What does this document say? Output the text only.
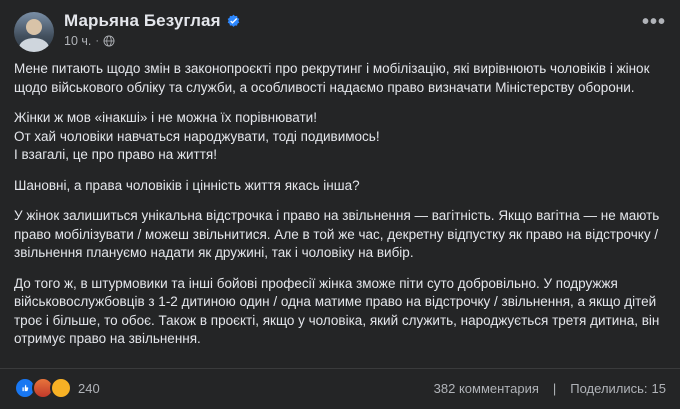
Марьяна Безуглая
10 ч. ·
•••

Мене питають щодо змін в законопроєкті про рекрутинг і мобілізацію, які вирівнюють чоловіків і жінок щодо військового обліку та служби, а особливості надаємо право визначати Міністерству оборони.

Жінки ж мов «інакші» і не можна їх порівнювати!

От хай чоловіки навчаться народжувати, тоді подивимось!

І взагалі, це про право на життя!

Шановні, а права чоловіків і цінність життя якась інша?

У жінок залишиться унікальна відстрочка і право на звільнення — вагітність. Якщо вагітна — не мають право мобілізувати / можеш звільнитися. Але в той же час, декретну відпустку як право на відстрочку / звільнення плануємо надати як дружині, так і чоловіку на вибір.

До того ж, в штурмовики та інші бойові професії жінка зможе піти суто добровільно. У подружжя військовослужбовців з 1-2 дитиною один / одна матиме право на відстрочку / звільнення, а якщо дітей троє і більше, то обоє. Також в проєкті, якщо у чоловіка, який служить, народжується третя дитина, він отримує право на звільнення.

240	382 комментария | Поделились: 15
